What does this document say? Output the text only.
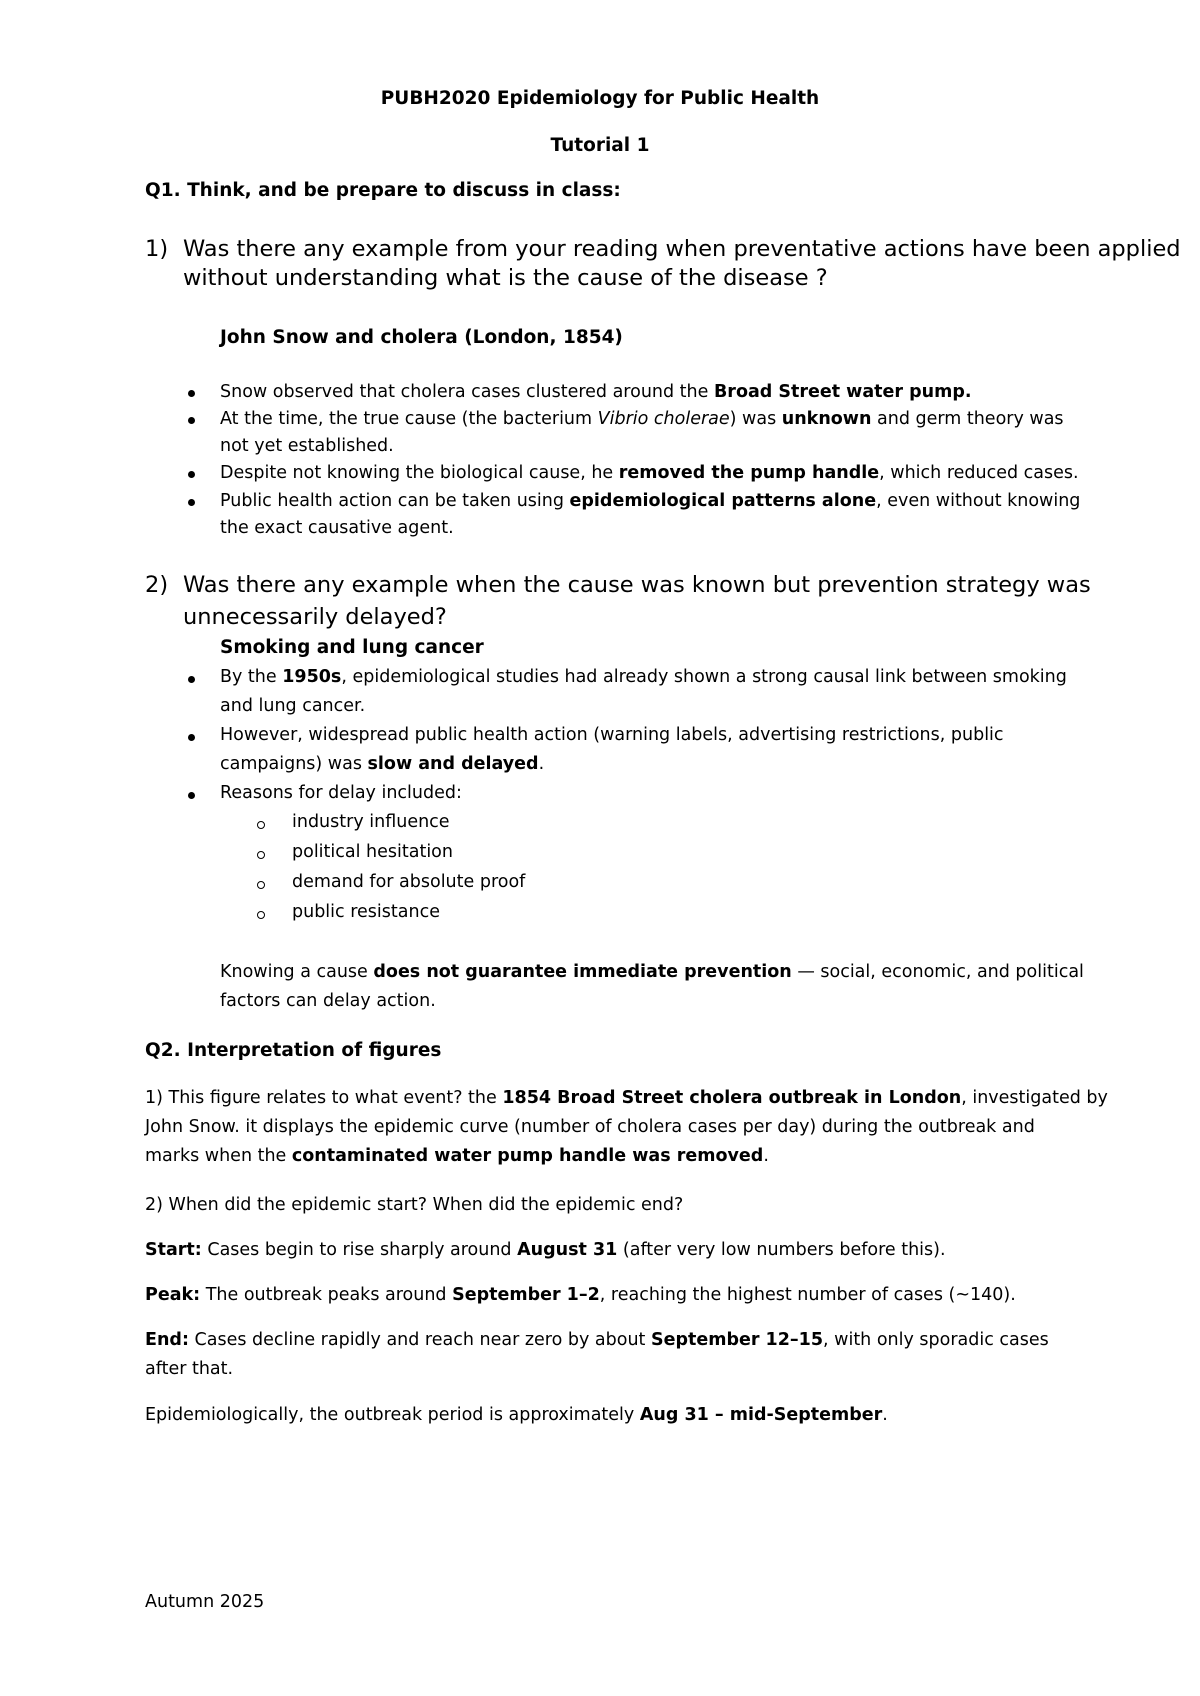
PUBH2020 Epidemiology for Public Health
Tutorial 1
Q1. Think, and be prepare to discuss in class:
1) Was there any example from your reading when preventative actions have been applied
without understanding what is the cause of the disease ?
John Snow and cholera (London, 1854)
Snow observed that cholera cases clustered around the Broad Street water pump.
At the time, the true cause (the bacterium Vibrio cholerae) was unknown and germ theory was
not yet established.
Despite not knowing the biological cause, he removed the pump handle, which reduced cases.
Public health action can be taken using epidemiological patterns alone, even without knowing
the exact causative agent.
2) Was there any example when the cause was known but prevention strategy was
unnecessarily delayed?
Smoking and lung cancer
By the 1950s, epidemiological studies had already shown a strong causal link between smoking
and lung cancer.
However, widespread public health action (warning labels, advertising restrictions, public
campaigns) was slow and delayed.
Reasons for delay included:
industry influence
political hesitation
demand for absolute proof
public resistance
Knowing a cause does not guarantee immediate prevention — social, economic, and political
factors can delay action.
Q2. Interpretation of figures
1) This figure relates to what event? the 1854 Broad Street cholera outbreak in London, investigated by
John Snow. it displays the epidemic curve (number of cholera cases per day) during the outbreak and
marks when the contaminated water pump handle was removed.
2) When did the epidemic start? When did the epidemic end?
Start: Cases begin to rise sharply around August 31 (after very low numbers before this).
Peak: The outbreak peaks around September 1–2, reaching the highest number of cases (~140).
End: Cases decline rapidly and reach near zero by about September 12–15, with only sporadic cases
after that.
Epidemiologically, the outbreak period is approximately Aug 31 – mid-September.
Autumn 2025
